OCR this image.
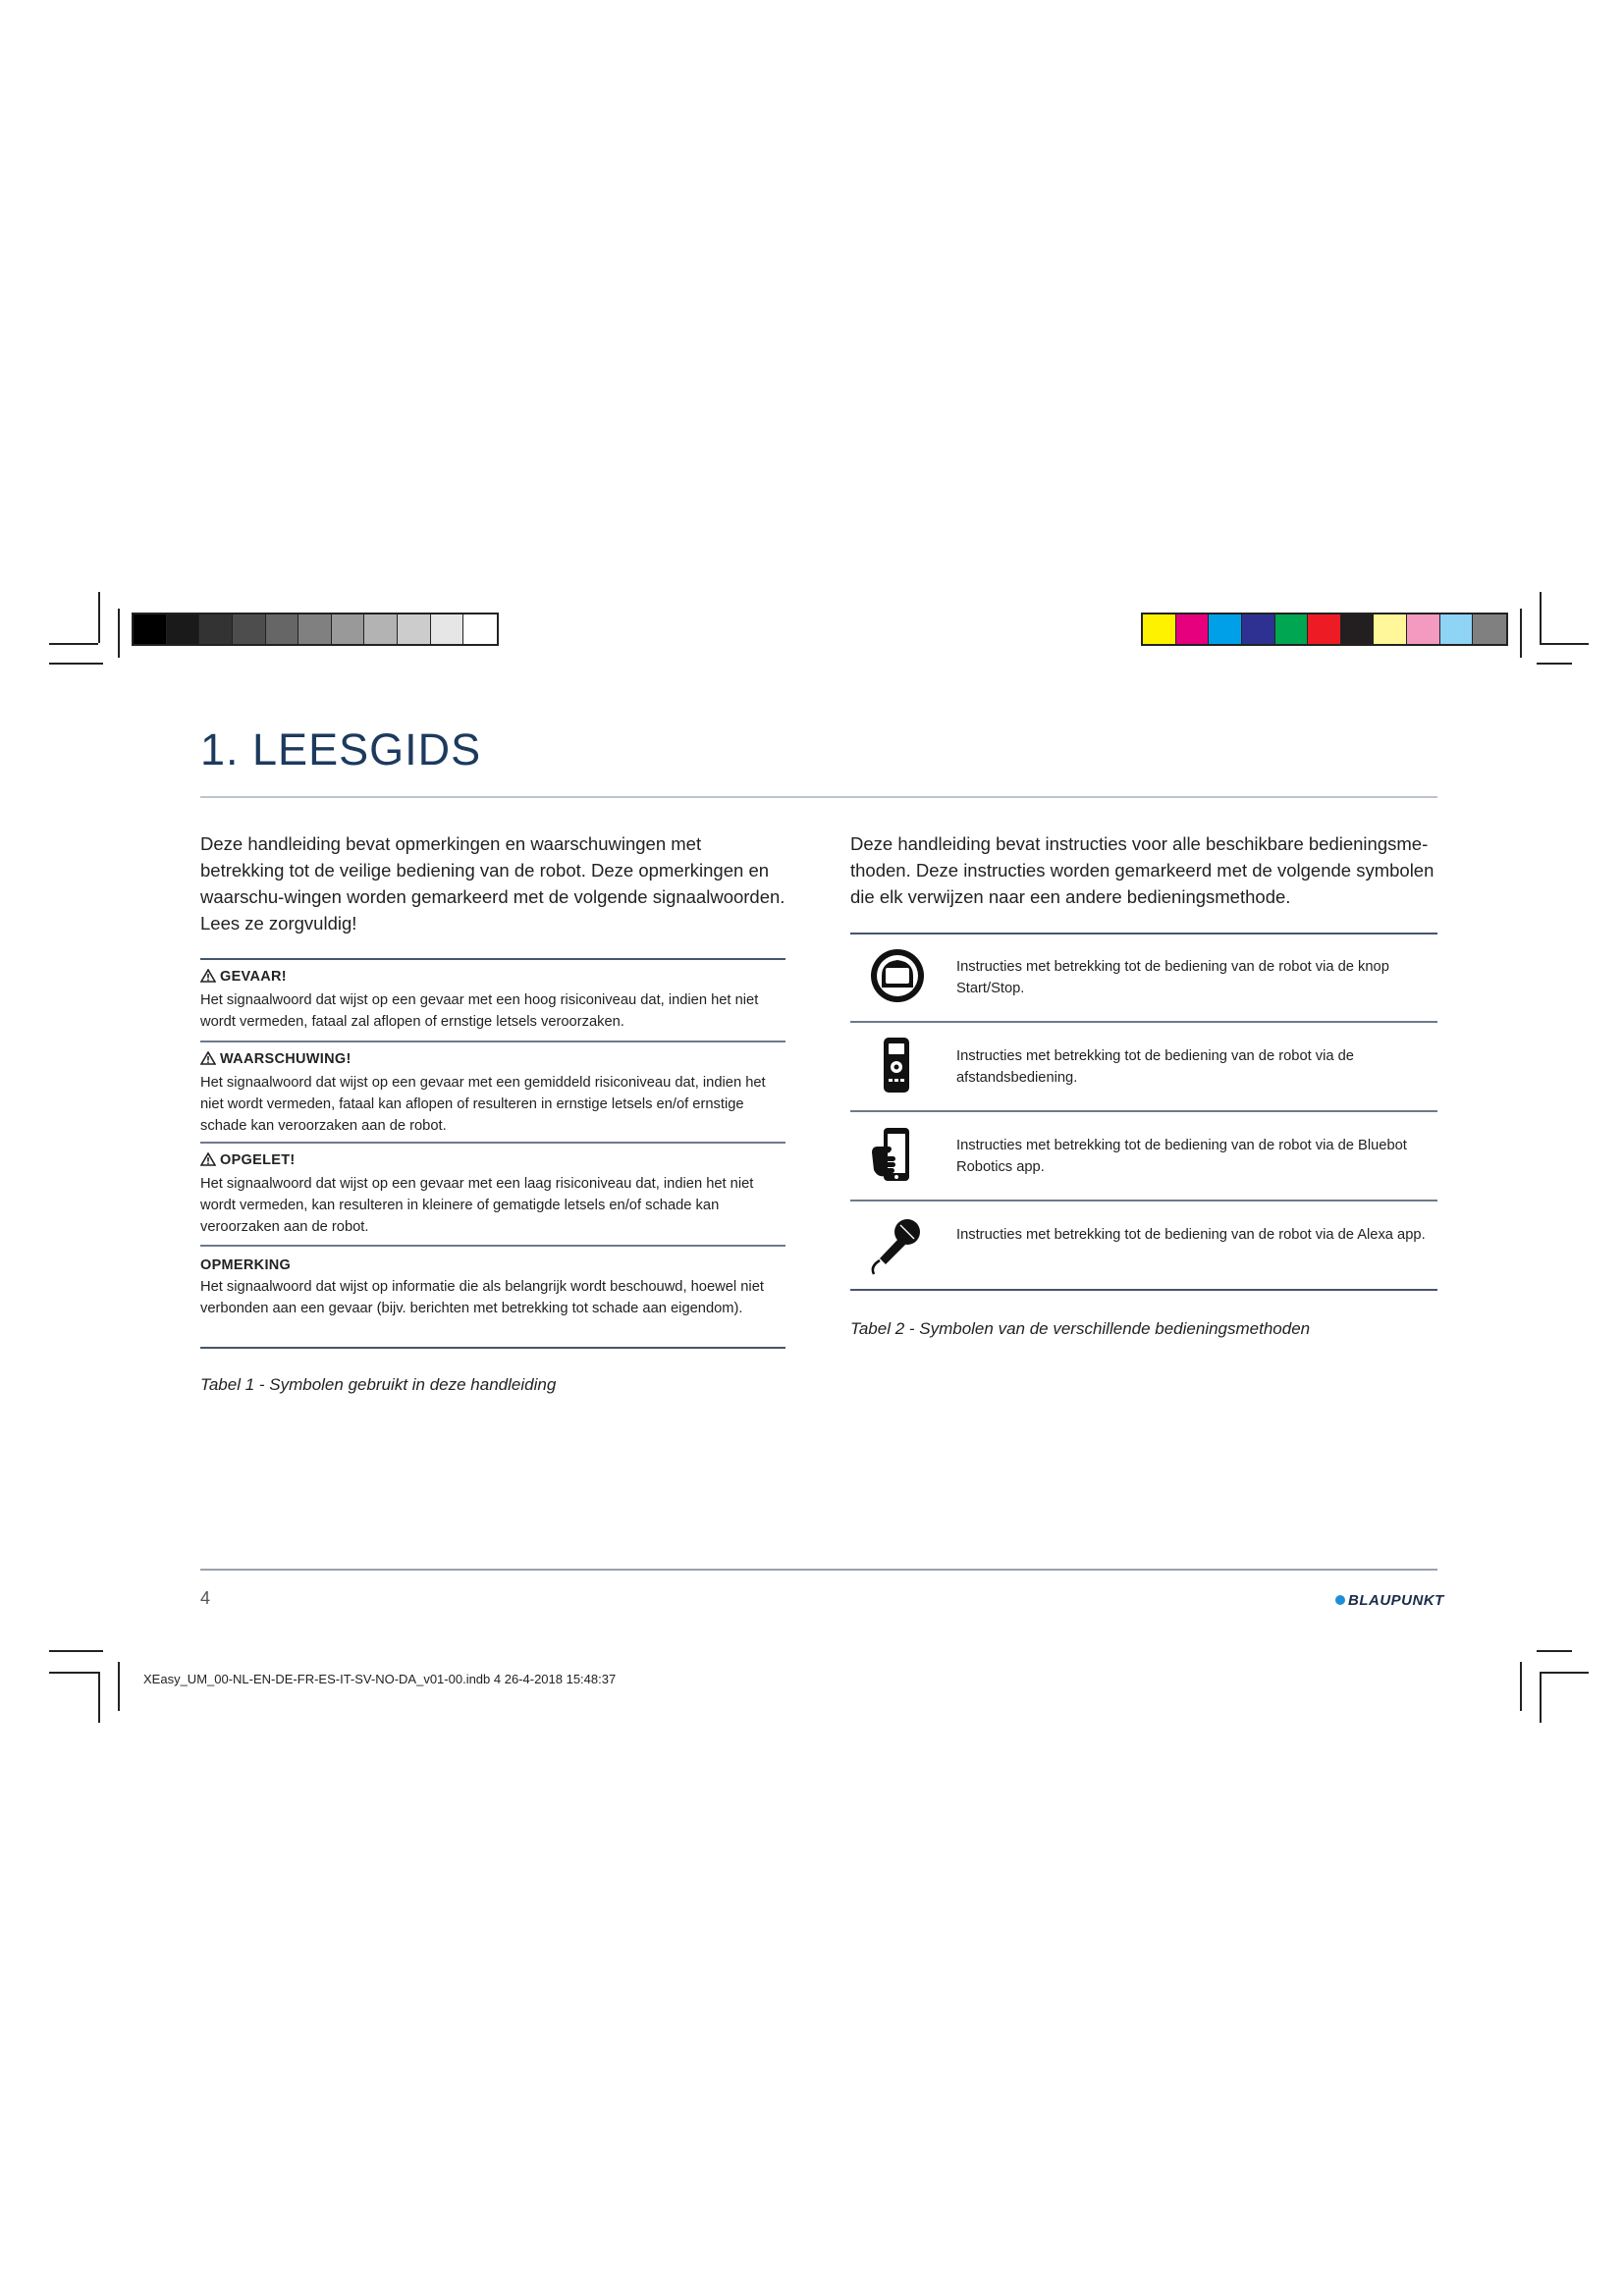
1. LEESGIDS
Deze handleiding bevat opmerkingen en waarschuwingen met betrekking tot de veilige bediening van de robot. Deze opmerkingen en waarschu-wingen worden gemarkeerd met de volgende signaalwoorden. Lees ze zorgvuldig!
GEVAAR!
Het signaalwoord dat wijst op een gevaar met een hoog risiconiveau dat, indien het niet wordt vermeden, fataal zal aflopen of ernstige letsels veroorzaken.
WAARSCHUWING!
Het signaalwoord dat wijst op een gevaar met een gemiddeld risiconiveau dat, indien het niet wordt vermeden, fataal kan aflopen of resulteren in ernstige letsels en/of ernstige schade kan veroorzaken aan de robot.
OPGELET!
Het signaalwoord dat wijst op een gevaar met een laag risiconiveau dat, indien het niet wordt vermeden, kan resulteren in kleinere of gematigde letsels en/of schade kan veroorzaken aan de robot.
OPMERKING
Het signaalwoord dat wijst op informatie die als belangrijk wordt beschouwd, hoewel niet verbonden aan een gevaar (bijv. berichten met betrekking tot schade aan eigendom).
Tabel 1 - Symbolen gebruikt in deze handleiding
Deze handleiding bevat instructies voor alle beschikbare bedieningsme-thoden. Deze instructies worden gemarkeerd met de volgende symbolen die elk verwijzen naar een andere bedieningsmethode.
Instructies met betrekking tot de bediening van de robot via de knop Start/Stop.
Instructies met betrekking tot de bediening van de robot via de afstandsbediening.
Instructies met betrekking tot de bediening van de robot via de Bluebot Robotics app.
Instructies met betrekking tot de bediening van de robot via de Alexa app.
Tabel 2 - Symbolen van de verschillende bedieningsmethoden
4	BLAUPUNKT
XEasy_UM_00-NL-EN-DE-FR-ES-IT-SV-NO-DA_v01-00.indb 4 26-4-2018 15:48:37
